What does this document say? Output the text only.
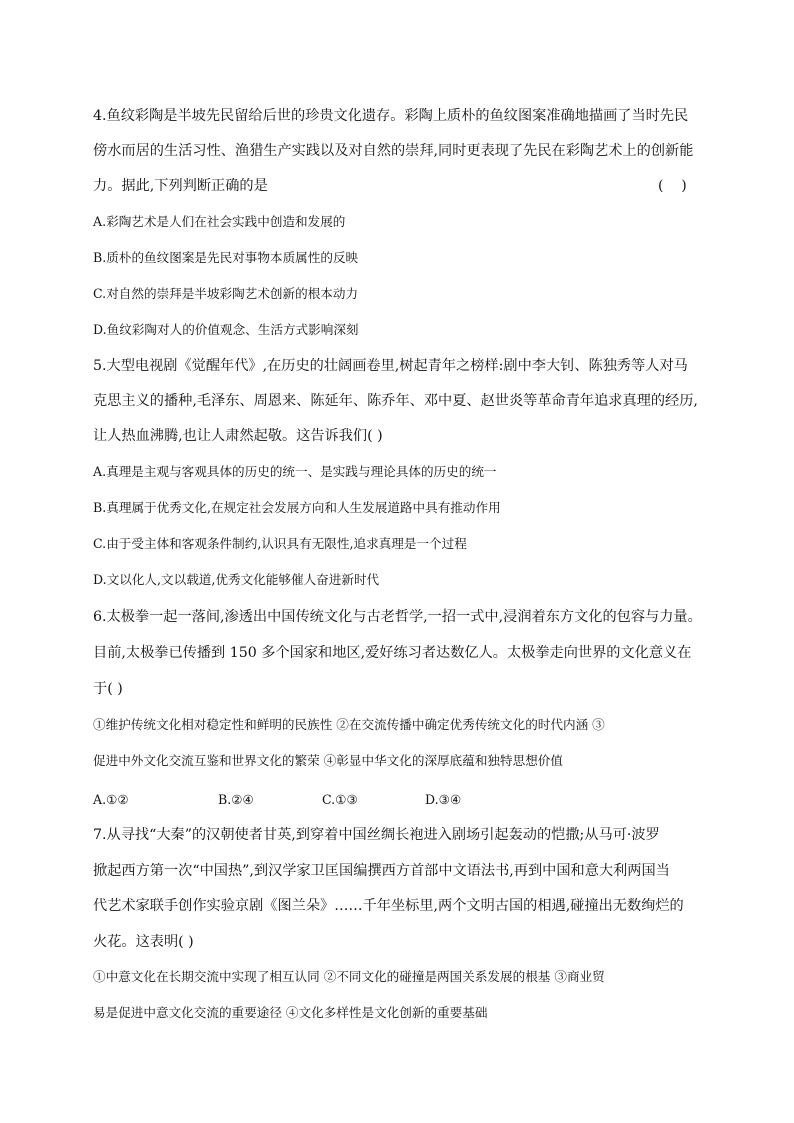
4.鱼纹彩陶是半坡先民留给后世的珍贵文化遗存。彩陶上质朴的鱼纹图案准确地描画了当时先民
傍水而居的生活习性、渔猎生产实践以及对自然的崇拜,同时更表现了先民在彩陶艺术上的创新能
力。据此,下列判断正确的是	(    )
A.彩陶艺术是人们在社会实践中创造和发展的
B.质朴的鱼纹图案是先民对事物本质属性的反映
C.对自然的崇拜是半坡彩陶艺术创新的根本动力
D.鱼纹彩陶对人的价值观念、生活方式影响深刻
5.大型电视剧《觉醒年代》,在历史的壮阔画卷里,树起青年之榜样:剧中李大钊、陈独秀等人对马
克思主义的播种,毛泽东、周恩来、陈延年、陈乔年、邓中夏、赵世炎等革命青年追求真理的经历,
让人热血沸腾,也让人肃然起敬。这告诉我们( )
A.真理是主观与客观具体的历史的统一、是实践与理论具体的历史的统一
B.真理属于优秀文化,在规定社会发展方向和人生发展道路中具有推动作用
C.由于受主体和客观条件制约,认识具有无限性,追求真理是一个过程
D.文以化人,文以载道,优秀文化能够催人奋进新时代
6.太极拳一起一落间,渗透出中国传统文化与古老哲学,一招一式中,浸润着东方文化的包容与力量。
目前,太极拳已传播到 150 多个国家和地区,爱好练习者达数亿人。太极拳走向世界的文化意义在
于( )
①维护传统文化相对稳定性和鲜明的民族性 ②在交流传播中确定优秀传统文化的时代内涵 ③
促进中外文化交流互鉴和世界文化的繁荣 ④彰显中华文化的深厚底蕴和独特思想价值
A.①②	B.②④	C.①③	D.③④
7.从寻找“大秦”的汉朝使者甘英,到穿着中国丝绸长袍进入剧场引起轰动的恺撒;从马可·波罗
掀起西方第一次“中国热”,到汉学家卫匡国编撰西方首部中文语法书,再到中国和意大利两国当
代艺术家联手创作实验京剧《图兰朵》……千年坐标里,两个文明古国的相遇,碰撞出无数绚烂的
火花。这表明( )
①中意文化在长期交流中实现了相互认同 ②不同文化的碰撞是两国关系发展的根基 ③商业贸
易是促进中意文化交流的重要途径 ④文化多样性是文化创新的重要基础
